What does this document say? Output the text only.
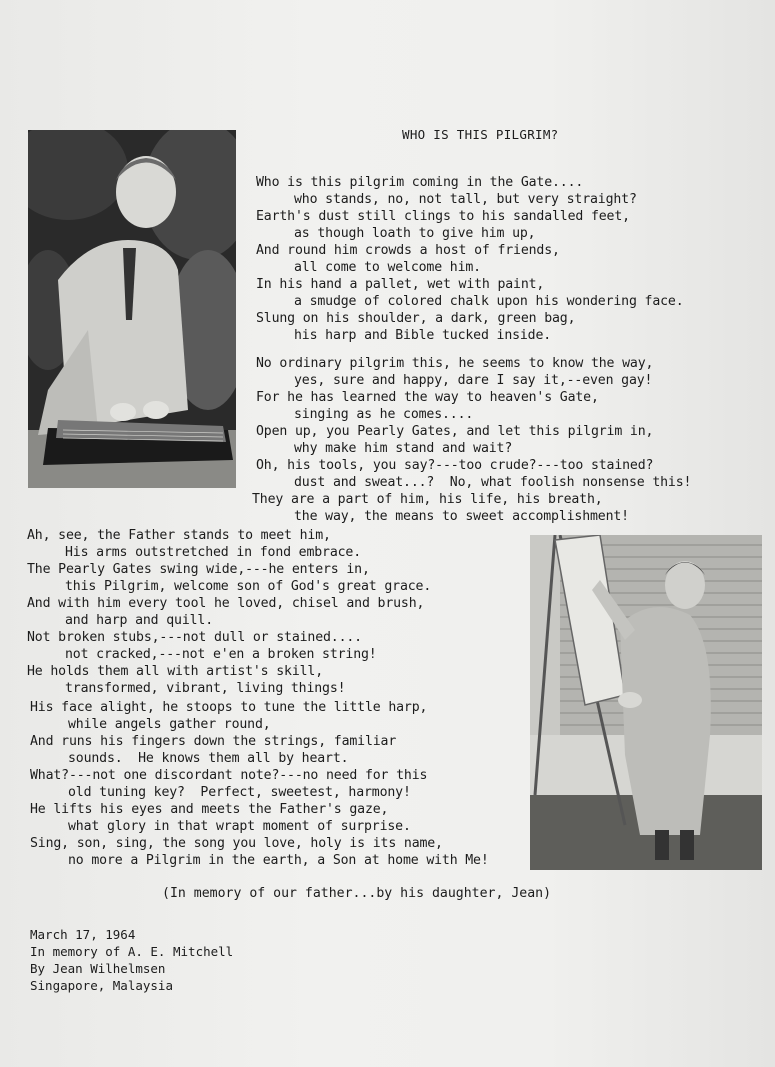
WHO IS THIS PILGRIM?
Who is this pilgrim coming in the Gate....
who stands, no, not tall, but very straight?
Earth's dust still clings to his sandalled feet,
as though loath to give him up,
And round him crowds a host of friends,
all come to welcome him.
In his hand a pallet, wet with paint,
a smudge of colored chalk upon his wondering face.
Slung on his shoulder, a dark, green bag,
his harp and Bible tucked inside.
No ordinary pilgrim this, he seems to know the way,
yes, sure and happy, dare I say it,--even gay!
For he has learned the way to heaven's Gate,
singing as he comes....
Open up, you Pearly Gates, and let this pilgrim in,
why make him stand and wait?
Oh, his tools, you say?---too crude?---too stained?
dust and sweat...?  No, what foolish nonsense this!
They are a part of him, his life, his breath,
the way, the means to sweet accomplishment!
Ah, see, the Father stands to meet him,
His arms outstretched in fond embrace.
The Pearly Gates swing wide,---he enters in,
this Pilgrim, welcome son of God's great grace.
And with him every tool he loved, chisel and brush,
and harp and quill.
Not broken stubs,---not dull or stained....
not cracked,---not e'en a broken string!
He holds them all with artist's skill,
transformed, vibrant, living things!
His face alight, he stoops to tune the little harp,
while angels gather round,
And runs his fingers down the strings, familiar
sounds.  He knows them all by heart.
What?---not one discordant note?---no need for this
old tuning key?  Perfect, sweetest, harmony!
He lifts his eyes and meets the Father's gaze,
what glory in that wrapt moment of surprise.
Sing, son, sing, the song you love, holy is its name,
no more a Pilgrim in the earth, a Son at home with Me!
(In memory of our father...by his daughter, Jean)
March 17, 1964
In memory of A. E. Mitchell
By Jean Wilhelmsen
Singapore, Malaysia
